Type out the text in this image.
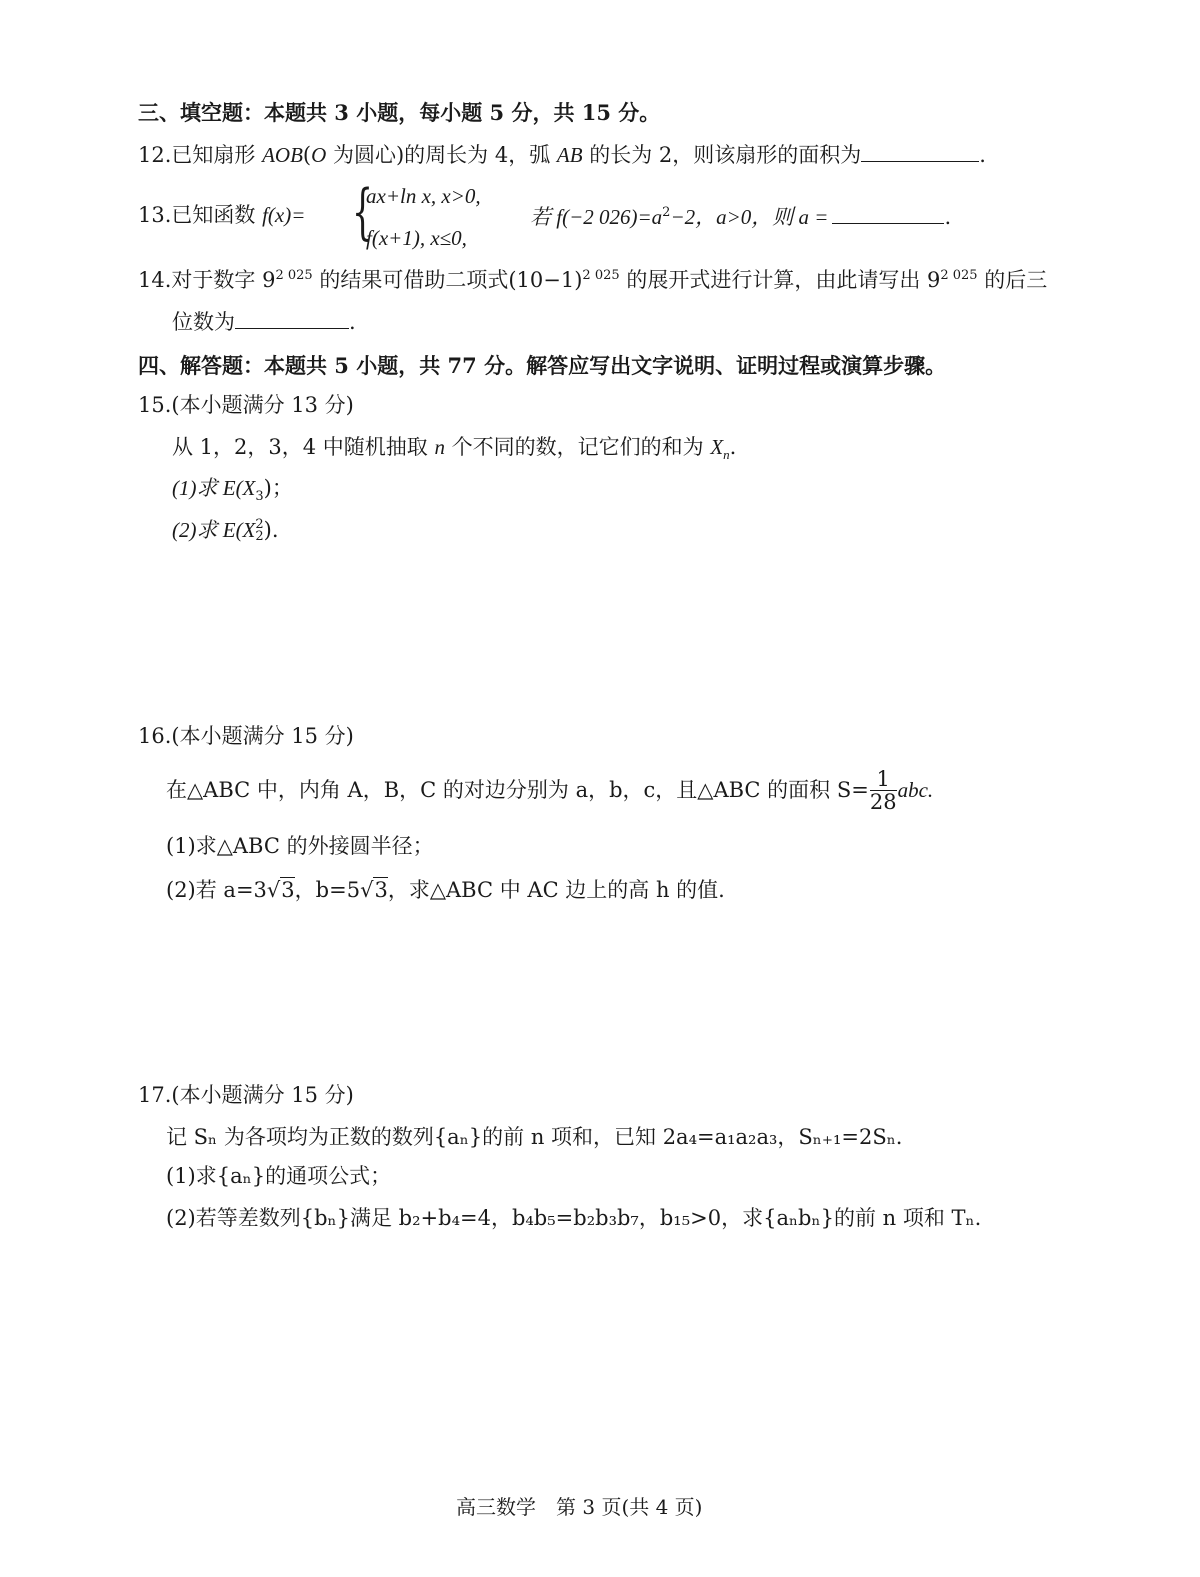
三、填空题：本题共 3 小题，每小题 5 分，共 15 分。
12.已知扇形 AOB(O 为圆心)的周长为 4，弧 AB 的长为 2，则该扇形的面积为	.
13.已知函数 f(x)= {
ax+ln x, x>0,
f(x+1), x≤0,
若 f(−2 $026)=a^2-2$，a>0，则 a =	.
14.对于数字 $9^{2 025}$ 的结果可借助二项式$(10-1)^{2 025}$ 的展开式进行计算，由此请写出 $9^{2 025}$ 的后三
位数为	.
四、解答题：本题共 5 小题，共 77 分。解答应写出文字说明、证明过程或演算步骤。
15.(本小题满分 13 分)
从 1，2，3，4 中随机抽取 n 个不同的数，记它们的和为 $X_n$.
(1)求 $E(X_3)$；
(2)求 E(X 2
2 ).
16.(本小题满分 15 分)
在△ABC 中，内角 A，B，C 的对边分别为 a，b，c，且△ABC 的面积 $S= \frac{1}{28}$ abc.
(1)求△ABC 的外接圆半径；
(2)若 a=3√3，b=5√3，求△ABC 中 AC 边上的高 h 的值.
17.(本小题满分 15 分)
记 Sₙ 为各项均为正数的数列{aₙ}的前 n 项和，已知 2a₄=a₁a₂a₃，Sₙ₊₁=2Sₙ.
(1)求{aₙ}的通项公式；
(2)若等差数列{bₙ}满足 b₂+b₄=4，b₄b₅=b₂b₃b₇，b₁₅>0，求{aₙbₙ}的前 n 项和 Tₙ.
高三数学　第 3 页(共 4 页)
